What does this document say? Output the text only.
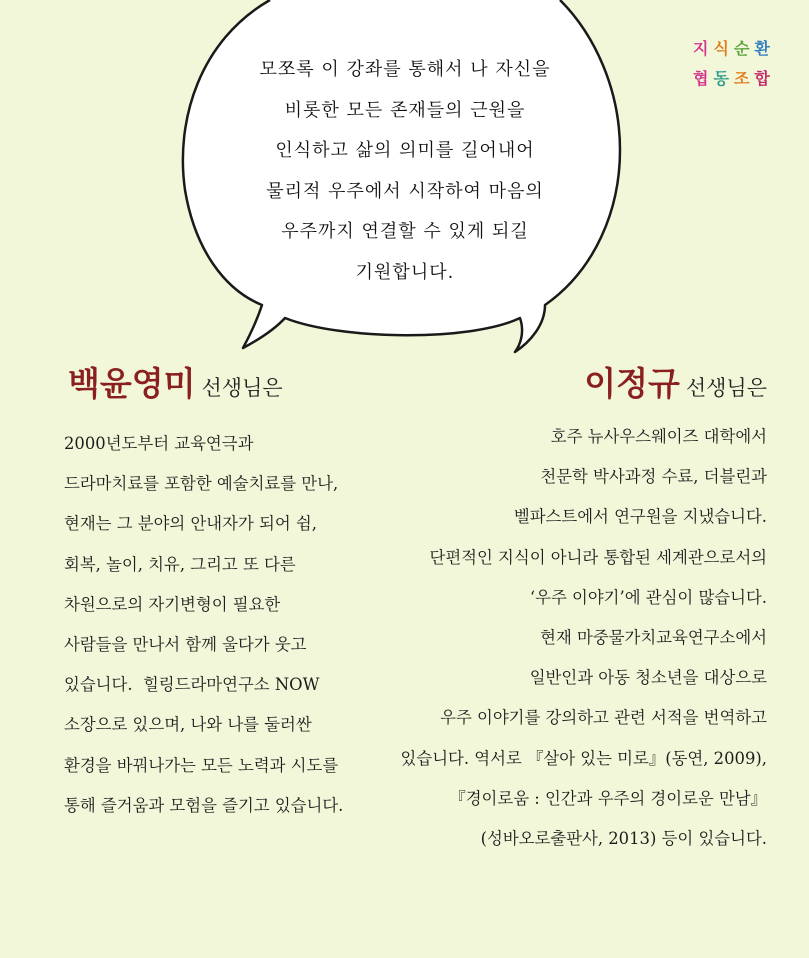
모쪼록 이 강좌를 통해서 나 자신을
비롯한 모든 존재들의 근원을
인식하고 삶의 의미를 길어내어
물리적 우주에서 시작하여 마음의
우주까지 연결할 수 있게 되길
기원합니다.
지 식 순 환
협 동 조 합
백윤영미 선생님은	이정규 선생님은
2000년도부터 교육연극과
드라마치료를 포함한 예술치료를 만나,
현재는 그 분야의 안내자가 되어 쉼,
회복, 놀이, 치유, 그리고 또 다른
차원으로의 자기변형이 필요한
사람들을 만나서 함께 울다가 웃고
있습니다.  힐링드라마연구소 NOW
소장으로 있으며, 나와 나를 둘러싼
환경을 바꿔나가는 모든 노력과 시도를
통해 즐거움과 모험을 즐기고 있습니다.
호주 뉴사우스웨이즈 대학에서
천문학 박사과정 수료, 더블린과
벨파스트에서 연구원을 지냈습니다.
단편적인 지식이 아니라 통합된 세계관으로서의
‘우주 이야기’에 관심이 많습니다.
현재 마중물가치교육연구소에서
일반인과 아동 청소년을 대상으로
우주 이야기를 강의하고 관련 서적을 번역하고
있습니다. 역서로 『살아 있는 미로』(동연, 2009),
『경이로움 : 인간과 우주의 경이로운 만남』
(성바오로출판사, 2013) 등이 있습니다.
